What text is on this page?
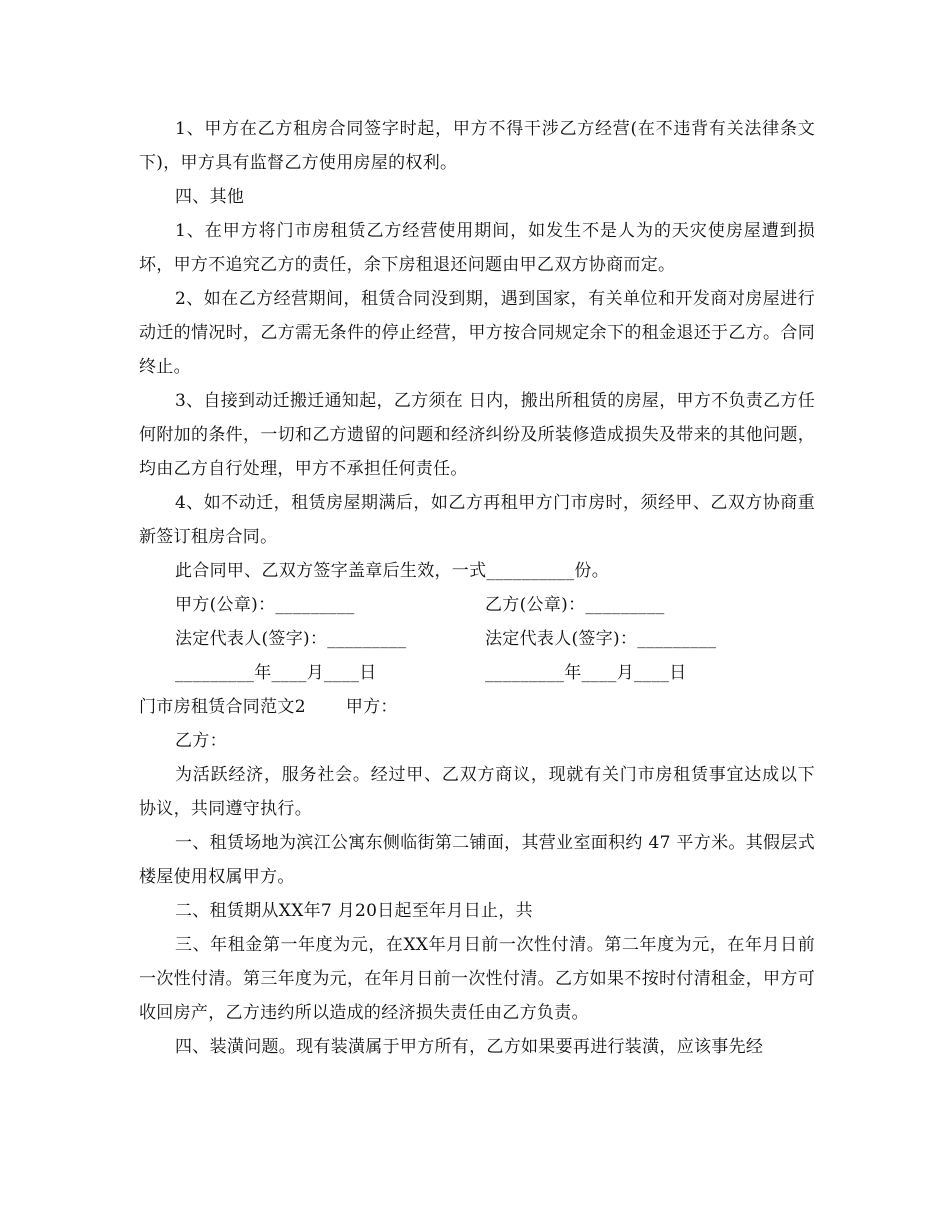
1、甲方在乙方租房合同签字时起，甲方不得干涉乙方经营(在不违背有关法律条文下)，甲方具有监督乙方使用房屋的权利。

四、其他

1、在甲方将门市房租赁乙方经营使用期间，如发生不是人为的天灾使房屋遭到损坏，甲方不追究乙方的责任，余下房租退还问题由甲乙双方协商而定。

2、如在乙方经营期间，租赁合同没到期，遇到国家，有关单位和开发商对房屋进行动迁的情况时，乙方需无条件的停止经营，甲方按合同规定余下的租金退还于乙方。合同终止。

3、自接到动迁搬迁通知起，乙方须在 日内，搬出所租赁的房屋，甲方不负责乙方任何附加的条件，一切和乙方遗留的问题和经济纠纷及所装修造成损失及带来的其他问题，均由乙方自行处理，甲方不承担任何责任。

4、如不动迁，租赁房屋期满后，如乙方再租甲方门市房时，须经甲、乙双方协商重新签订租房合同。

此合同甲、乙双方签字盖章后生效，一式__________份。

甲方(公章)：_________	乙方(公章)：_________
法定代表人(签字)：_________	法定代表人(签字)：_________
_________年____月____日	_________年____月____日

门市房租赁合同范文2 甲方：

乙方：

为活跃经济，服务社会。经过甲、乙双方商议，现就有关门市房租赁事宜达成以下协议，共同遵守执行。

一、租赁场地为滨江公寓东侧临街第二铺面，其营业室面积约 47 平方米。其假层式楼屋使用权属甲方。

二、租赁期从XX年7 月20日起至年月日止，共

三、年租金第一年度为元，在XX年月日前一次性付清。第二年度为元，在年月日前一次性付清。第三年度为元，在年月日前一次性付清。乙方如果不按时付清租金，甲方可收回房产，乙方违约所以造成的经济损失责任由乙方负责。

四、装潢问题。现有装潢属于甲方所有，乙方如果要再进行装潢，应该事先经
